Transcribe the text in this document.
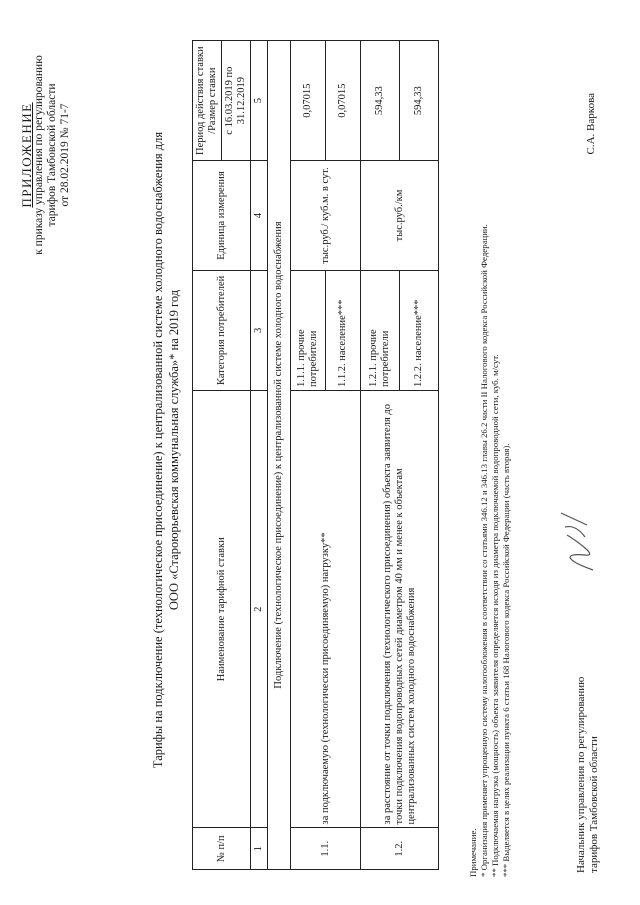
ПРИЛОЖЕНИЕ к приказу управления по регулированию тарифов Тамбовской области от 28.02.2019 № 71-7	Тарифы на подключение (технологическое присоединение) к централизованной системе холодного водоснабжения для ООО «Староюрьевская коммунальная служба»* на 2019 год
№ п/п	Наименование тарифной ставки	Категория потребителей	Единица измерения	Период действия ставки /Размер ставки
				с 16.03.2019 по 31.12.2019
1	2	3	4	5
Подключение (технологическое присоединение) к централизованной системе холодного водоснабжения				
1.1.	за подключаемую (технологически присоединяемую) нагрузку**	1.1.1. прочие потребители	тыс.руб./ куб.м. в сут.	0,07015
		1.1.2. население***		0,07015
1.2.	за расстояние от точки подключения (технологического присоединения) объекта заявителя до точки подключения водопроводных сетей диаметром 40 мм и менее к объектам централизованных систем холодного водоснабжения	1.2.1. прочие потребители	тыс.руб./км	594,33
		1.2.2. население***		594,33
Примечание. * Организация применяет упрощенную систему налогообложения в соответствии со статьями 346.12 и 346.13 главы 26.2 части II Налогового кодекса Российской Федерации. ** Подключаемая нагрузка (мощность) объекта заявителя определяется исходя из диаметра подключаемой водопроводной сети, куб. м/сут. *** Выделяется в целях реализации пункта 6 статьи 168 Налогового кодекса Российской Федерации (часть вторая).	Начальник управления по регулированию тарифов Тамбовской области
С.А. Варкова
